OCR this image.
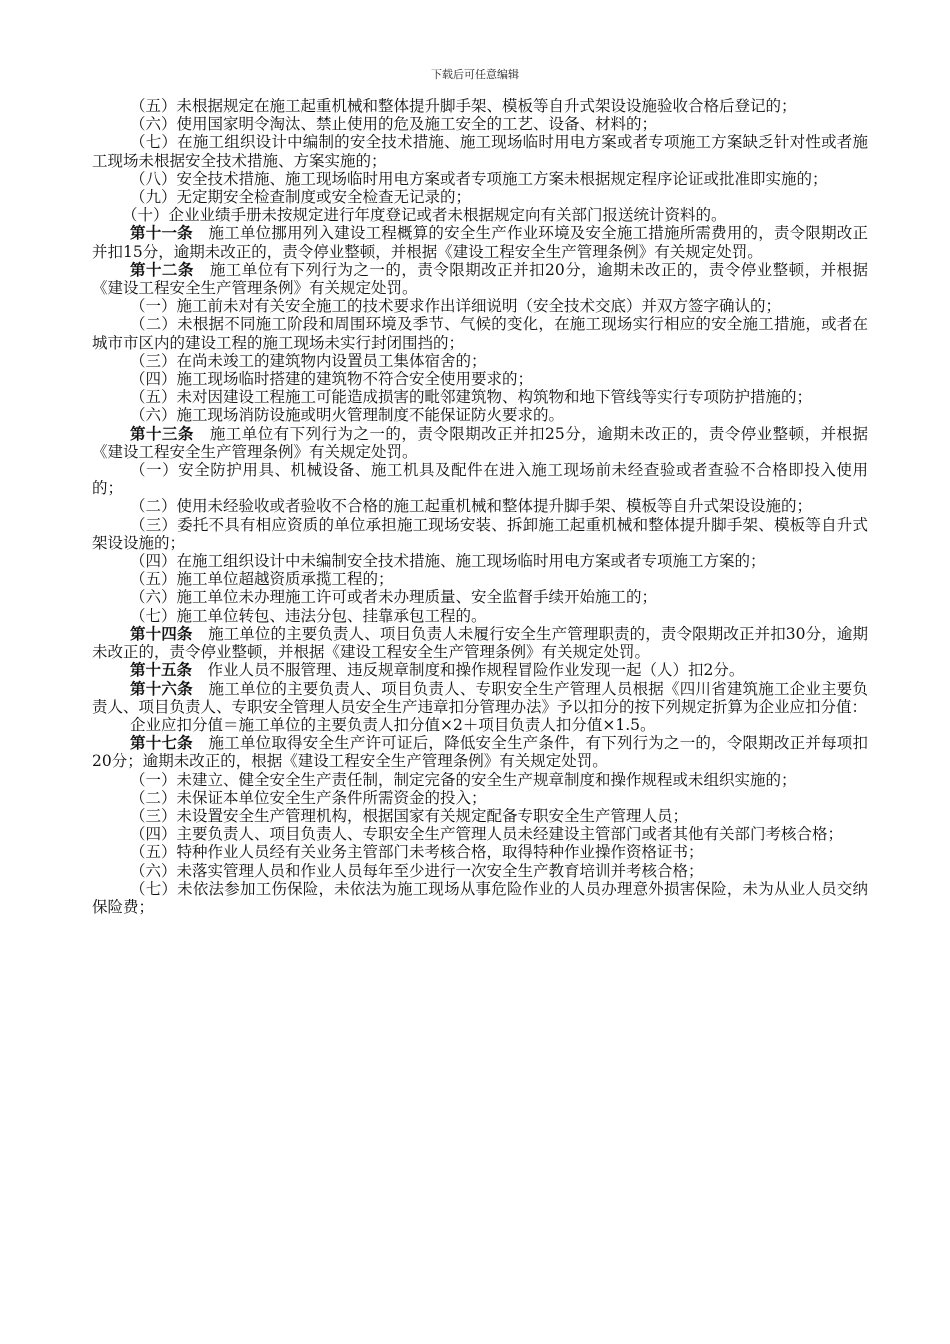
下载后可任意编辑

（五）未根据规定在施工起重机械和整体提升脚手架、模板等自升式架设设施验收合格后登记的；

（六）使用国家明令淘汰、禁止使用的危及施工安全的工艺、设备、材料的；

（七）在施工组织设计中编制的安全技术措施、施工现场临时用电方案或者专项施工方案缺乏针对性或者施工现场未根据安全技术措施、方案实施的；

（八）安全技术措施、施工现场临时用电方案或者专项施工方案未根据规定程序论证或批准即实施的；

（九）无定期安全检查制度或安全检查无记录的；

（十）企业业绩手册未按规定进行年度登记或者未根据规定向有关部门报送统计资料的。

第十一条　施工单位挪用列入建设工程概算的安全生产作业环境及安全施工措施所需费用的，责令限期改正并扣15分，逾期未改正的，责令停业整顿，并根据《建设工程安全生产管理条例》有关规定处罚。

第十二条　施工单位有下列行为之一的，责令限期改正并扣20分，逾期未改正的，责令停业整顿，并根据《建设工程安全生产管理条例》有关规定处罚。

（一）施工前未对有关安全施工的技术要求作出详细说明（安全技术交底）并双方签字确认的；

（二）未根据不同施工阶段和周围环境及季节、气候的变化，在施工现场实行相应的安全施工措施，或者在城市市区内的建设工程的施工现场未实行封闭围挡的；

（三）在尚未竣工的建筑物内设置员工集体宿舍的；

（四）施工现场临时搭建的建筑物不符合安全使用要求的；

（五）未对因建设工程施工可能造成损害的毗邻建筑物、构筑物和地下管线等实行专项防护措施的；

（六）施工现场消防设施或明火管理制度不能保证防火要求的。

第十三条　施工单位有下列行为之一的，责令限期改正并扣25分，逾期未改正的，责令停业整顿，并根据《建设工程安全生产管理条例》有关规定处罚。

（一）安全防护用具、机械设备、施工机具及配件在进入施工现场前未经查验或者查验不合格即投入使用的；

（二）使用未经验收或者验收不合格的施工起重机械和整体提升脚手架、模板等自升式架设设施的；

（三）委托不具有相应资质的单位承担施工现场安装、拆卸施工起重机械和整体提升脚手架、模板等自升式架设设施的；

（四）在施工组织设计中未编制安全技术措施、施工现场临时用电方案或者专项施工方案的；

（五）施工单位超越资质承揽工程的；

（六）施工单位未办理施工许可或者未办理质量、安全监督手续开始施工的；

（七）施工单位转包、违法分包、挂靠承包工程的。

第十四条　施工单位的主要负责人、项目负责人未履行安全生产管理职责的，责令限期改正并扣30分，逾期未改正的，责令停业整顿，并根据《建设工程安全生产管理条例》有关规定处罚。

第十五条　作业人员不服管理、违反规章制度和操作规程冒险作业发现一起（人）扣2分。

第十六条　施工单位的主要负责人、项目负责人、专职安全生产管理人员根据《四川省建筑施工企业主要负责人、项目负责人、专职安全管理人员安全生产违章扣分管理办法》予以扣分的按下列规定折算为企业应扣分值：

企业应扣分值＝施工单位的主要负责人扣分值×2＋项目负责人扣分值×1.5。

第十七条　施工单位取得安全生产许可证后，降低安全生产条件，有下列行为之一的，令限期改正并每项扣20分；逾期未改正的，根据《建设工程安全生产管理条例》有关规定处罚。

（一）未建立、健全安全生产责任制，制定完备的安全生产规章制度和操作规程或未组织实施的；

（二）未保证本单位安全生产条件所需资金的投入；

（三）未设置安全生产管理机构，根据国家有关规定配备专职安全生产管理人员；

（四）主要负责人、项目负责人、专职安全生产管理人员未经建设主管部门或者其他有关部门考核合格；

（五）特种作业人员经有关业务主管部门未考核合格，取得特种作业操作资格证书；

（六）未落实管理人员和作业人员每年至少进行一次安全生产教育培训并考核合格；

（七）未依法参加工伤保险，未依法为施工现场从事危险作业的人员办理意外损害保险，未为从业人员交纳保险费；
